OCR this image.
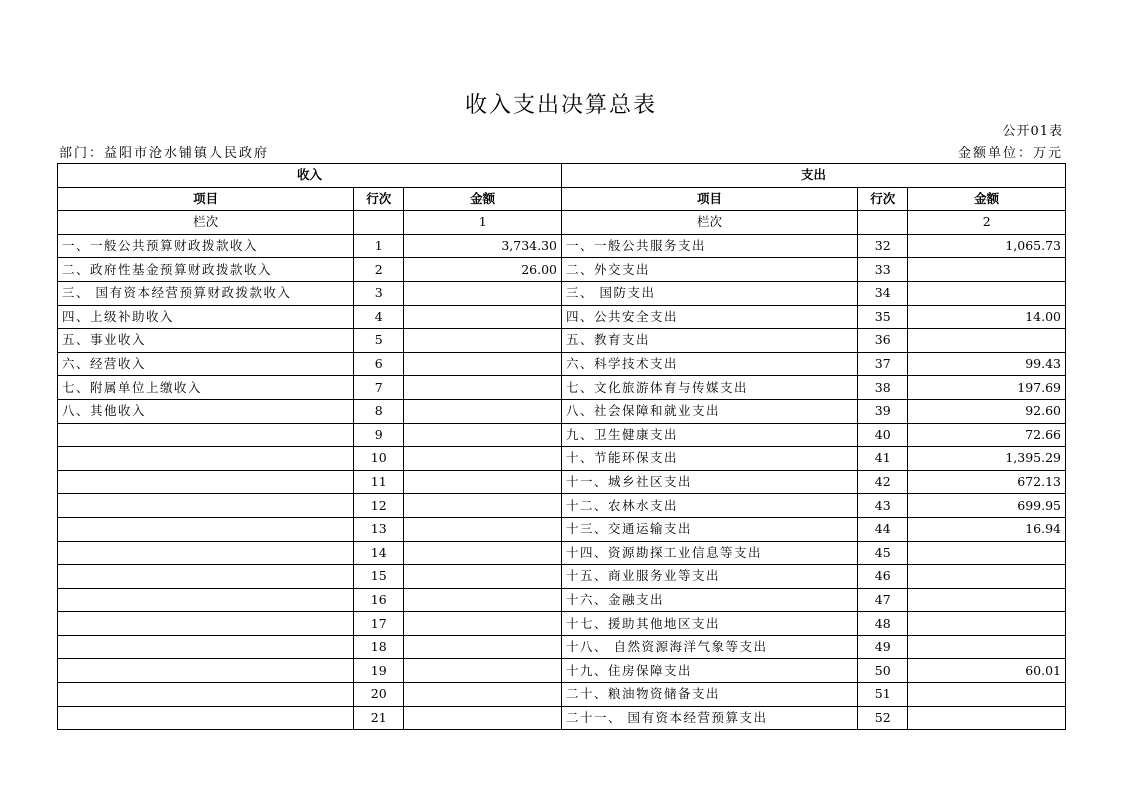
收入支出决算总表
公开01表
部门：益阳市沧水铺镇人民政府	金额单位：万元
收入			支出		
项目	行次	金额	项目	行次	金额
栏次		1	栏次		2
一、一般公共预算财政拨款收入	1	3,734.30	一、一般公共服务支出	32	1,065.73
二、政府性基金预算财政拨款收入	2	26.00	二、外交支出	33	
三、 国有资本经营预算财政拨款收入	3		三、 国防支出	34	
四、上级补助收入	4		四、公共安全支出	35	14.00
五、事业收入	5		五、教育支出	36	
六、经营收入	6		六、科学技术支出	37	99.43
七、附属单位上缴收入	7		七、文化旅游体育与传媒支出	38	197.69
八、其他收入	8		八、社会保障和就业支出	39	92.60
	9		九、卫生健康支出	40	72.66
	10		十、节能环保支出	41	1,395.29
	11		十一、城乡社区支出	42	672.13
	12		十二、农林水支出	43	699.95
	13		十三、交通运输支出	44	16.94
	14		十四、资源勘探工业信息等支出	45	
	15		十五、商业服务业等支出	46	
	16		十六、金融支出	47	
	17		十七、援助其他地区支出	48	
	18		十八、 自然资源海洋气象等支出	49	
	19		十九、住房保障支出	50	60.01
	20		二十、粮油物资储备支出	51	
	21		二十一、 国有资本经营预算支出	52	
